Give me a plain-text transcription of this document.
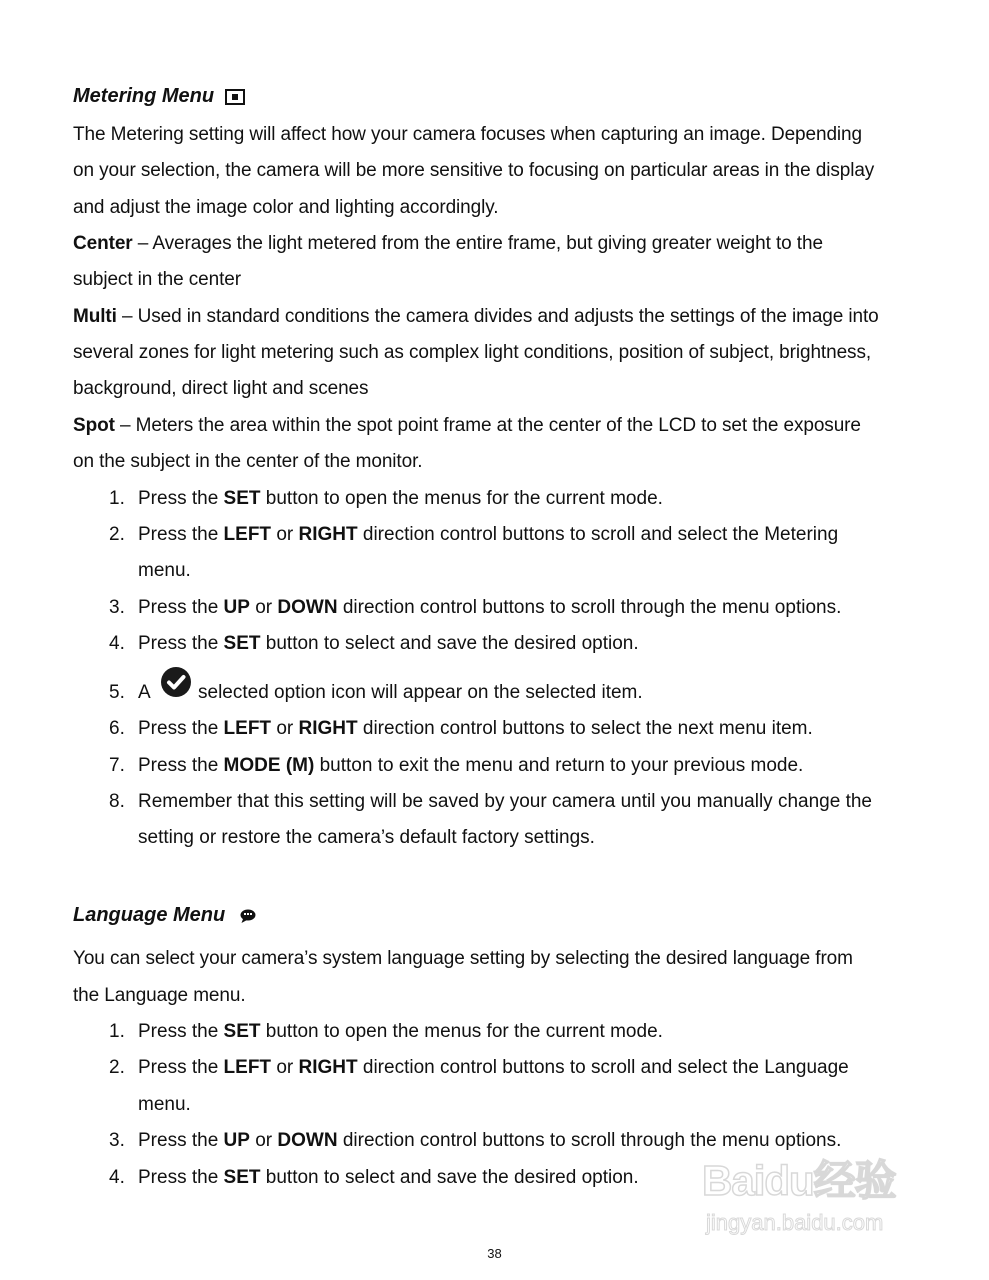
Metering Menu
The Metering setting will affect how your camera focuses when capturing an image. Depending
on your selection, the camera will be more sensitive to focusing on particular areas in the display
and adjust the image color and lighting accordingly.
Center – Averages the light metered from the entire frame, but giving greater weight to the
subject in the center
Multi – Used in standard conditions the camera divides and adjusts the settings of the image into
several zones for light metering such as complex light conditions, position of subject, brightness,
background, direct light and scenes
Spot – Meters the area within the spot point frame at the center of the LCD to set the exposure
on the subject in the center of the monitor.
1. Press the SET button to open the menus for the current mode.
2. Press the LEFT or RIGHT direction control buttons to scroll and select the Metering
menu.
3. Press the UP or DOWN direction control buttons to scroll through the menu options.
4. Press the SET button to select and save the desired option.
5. A	selected option icon will appear on the selected item.
6. Press the LEFT or RIGHT direction control buttons to select the next menu item.
7. Press the MODE (M) button to exit the menu and return to your previous mode.
8. Remember that this setting will be saved by your camera until you manually change the
setting or restore the camera’s default factory settings.
Language Menu
You can select your camera’s system language setting by selecting the desired language from
the Language menu.
1. Press the SET button to open the menus for the current mode.
2. Press the LEFT or RIGHT direction control buttons to scroll and select the Language
menu.
3. Press the UP or DOWN direction control buttons to scroll through the menu options.
4. Press the SET button to select and save the desired option.	Baidu经验
jingyan.baidu.com
38
